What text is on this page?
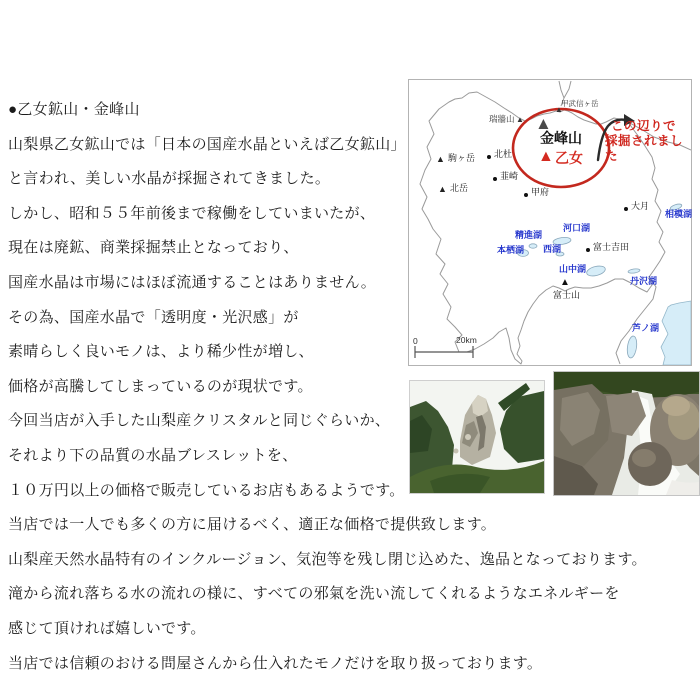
●乙女鉱山・金峰山
山梨県乙女鉱山では「日本の国産水晶といえば乙女鉱山」
と言われ、美しい水晶が採掘されてきました。
しかし、昭和５５年前後まで稼働をしていまいたが、
現在は廃鉱、商業採掘禁止となっており、
国産水晶は市場にはほぼ流通することはありません。
その為、国産水晶で「透明度・光沢感」が
素晴らしく良いモノは、より稀少性が増し、
価格が高騰してしまっているのが現状です。
今回当店が入手した山梨産クリスタルと同じぐらいか、
それより下の品質の水晶ブレスレットを、
１０万円以上の価格で販売しているお店もあるようです。
当店では一人でも多くの方に届けるべく、適正な価格で提供致します。
山梨産天然水晶特有のインクルージョン、気泡等を残し閉じ込めた、逸品となっております。
滝から流れ落ちる水の流れの様に、すべての邪氣を洗い流してくれるようなエネルギーを
感じて頂ければ嬉しいです。
当店では信頼のおける問屋さんから仕入れたモノだけを取り扱っております。
▲
甲武信ヶ岳
▲
瑞牆山 ▲
金峰山
▲ 乙女
▲ 駒ヶ岳
▲ 北岳
▲
富士山
北杜
韮崎
甲府
大月
富士吉田
相模湖
河口湖
精進湖
本栖湖 西湖
山中湖
丹沢湖
芦ノ湖
この辺りで
採掘されました
0	20km
